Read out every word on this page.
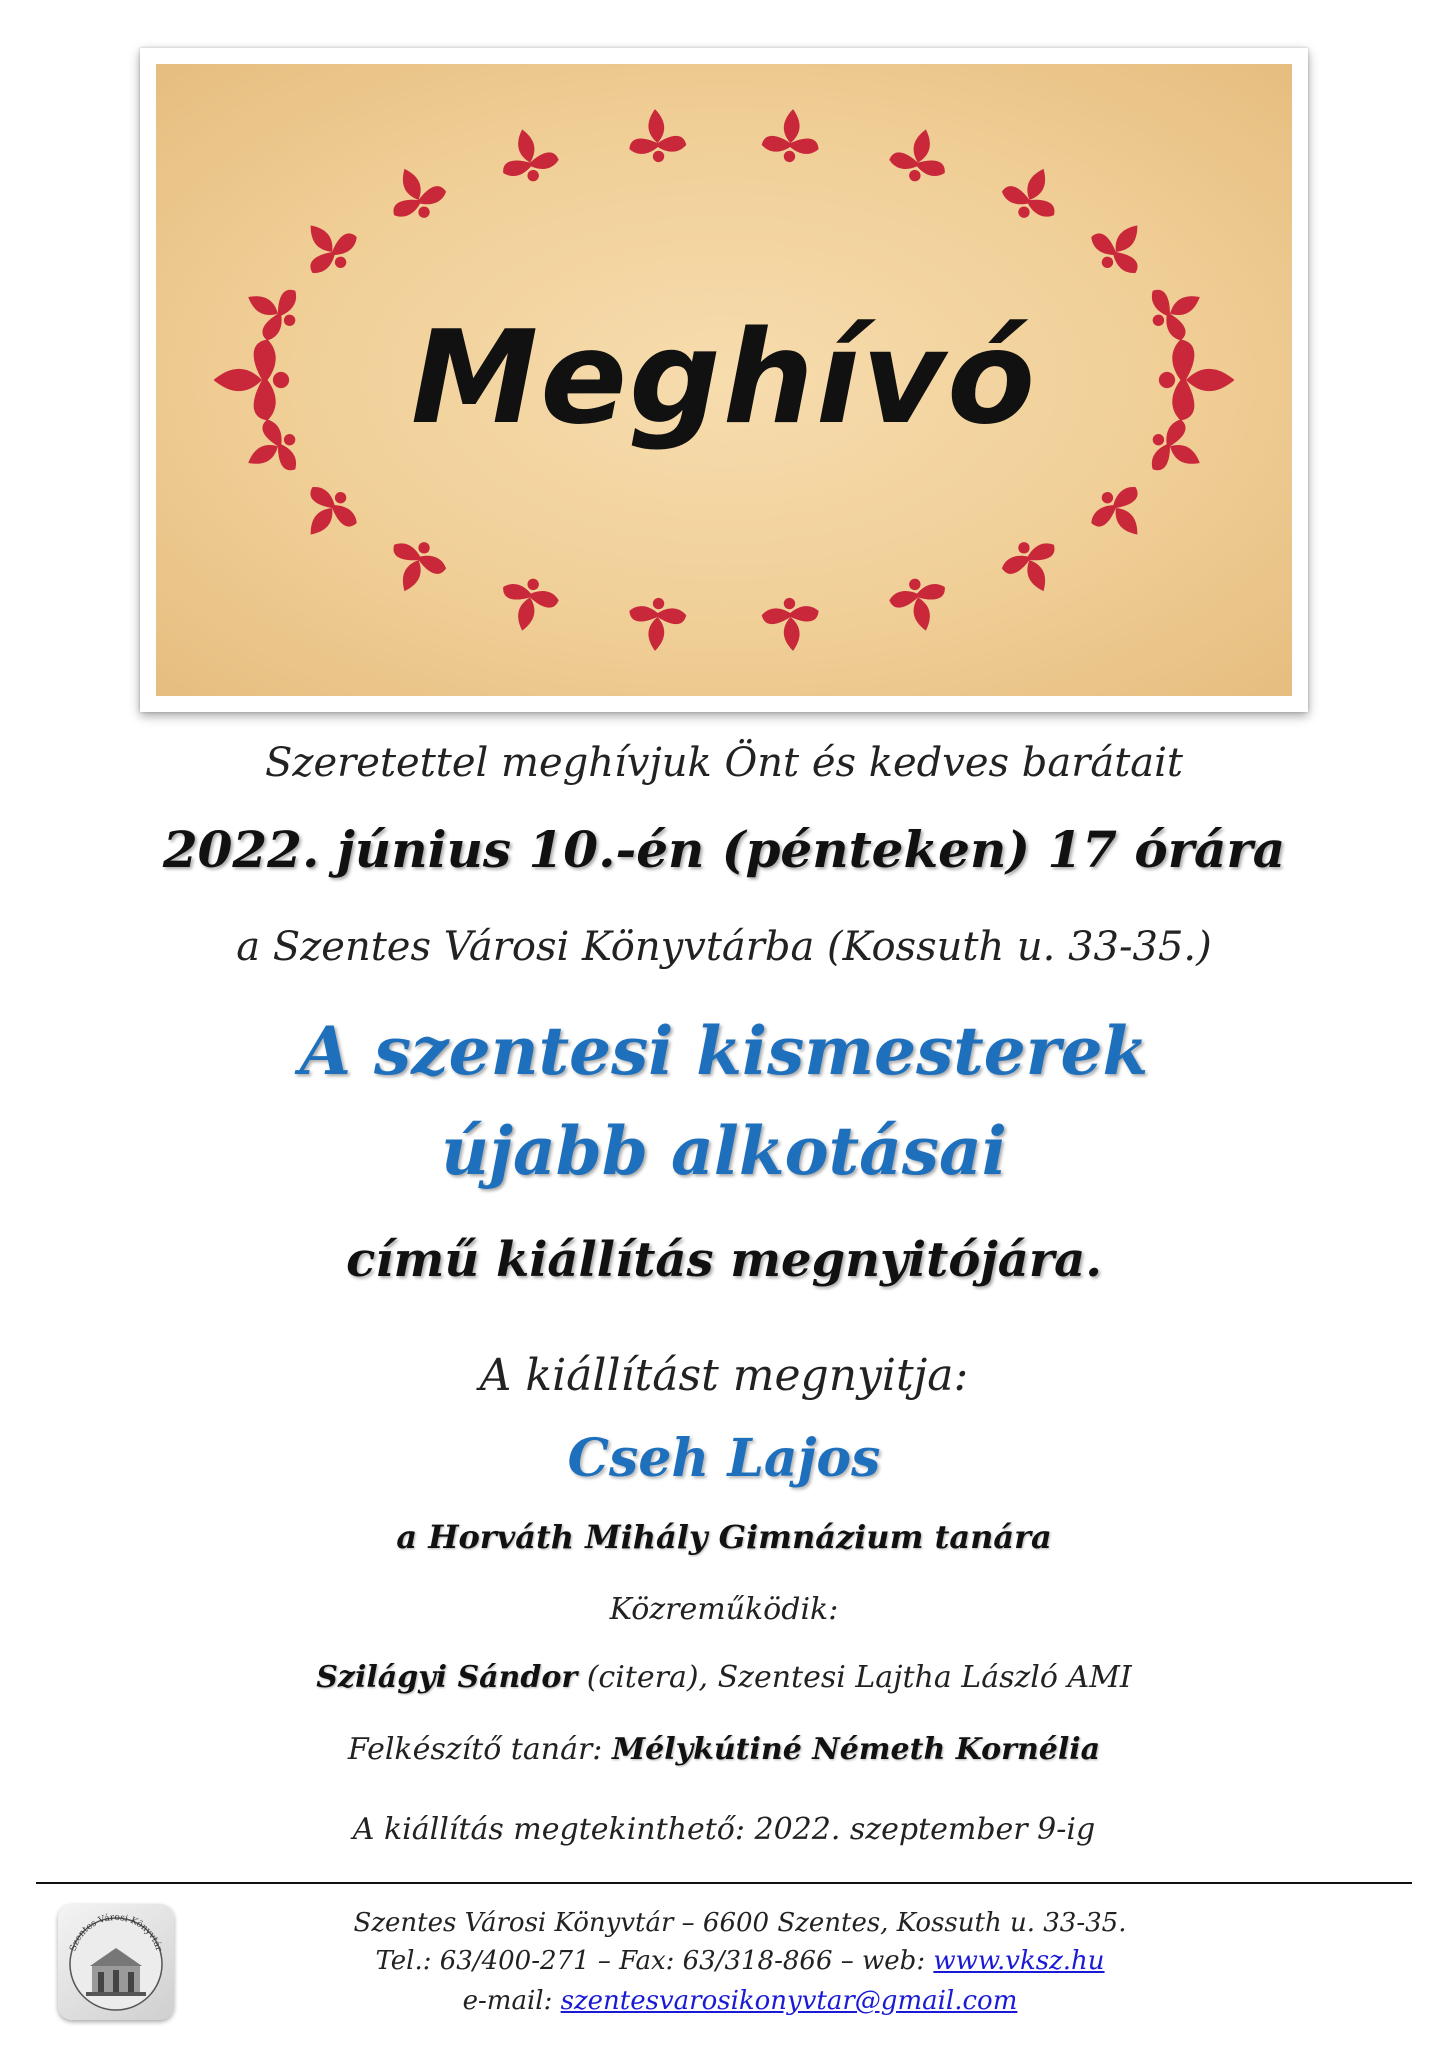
Meghívó
Szeretettel meghívjuk Önt és kedves barátait
2022. június 10.-én (pénteken) 17 órára
a Szentes Városi Könyvtárba (Kossuth u. 33-35.)
A szentesi kismesterek
újabb alkotásai
című kiállítás megnyitójára.
A kiállítást megnyitja:
Cseh Lajos
a Horváth Mihály Gimnázium tanára
Közreműködik:
Szilágyi Sándor (citera), Szentesi Lajtha László AMI
Felkészítő tanár: Mélykútiné Németh Kornélia
A kiállítás megtekinthető: 2022. szeptember 9-ig
Szentes Városi Könyvtár
Szentes Városi Könyvtár – 6600 Szentes, Kossuth u. 33-35.
Tel.: 63/400-271 – Fax: 63/318-866 – web: www.vksz.hu
e-mail: szentesvarosikonyvtar@gmail.com
